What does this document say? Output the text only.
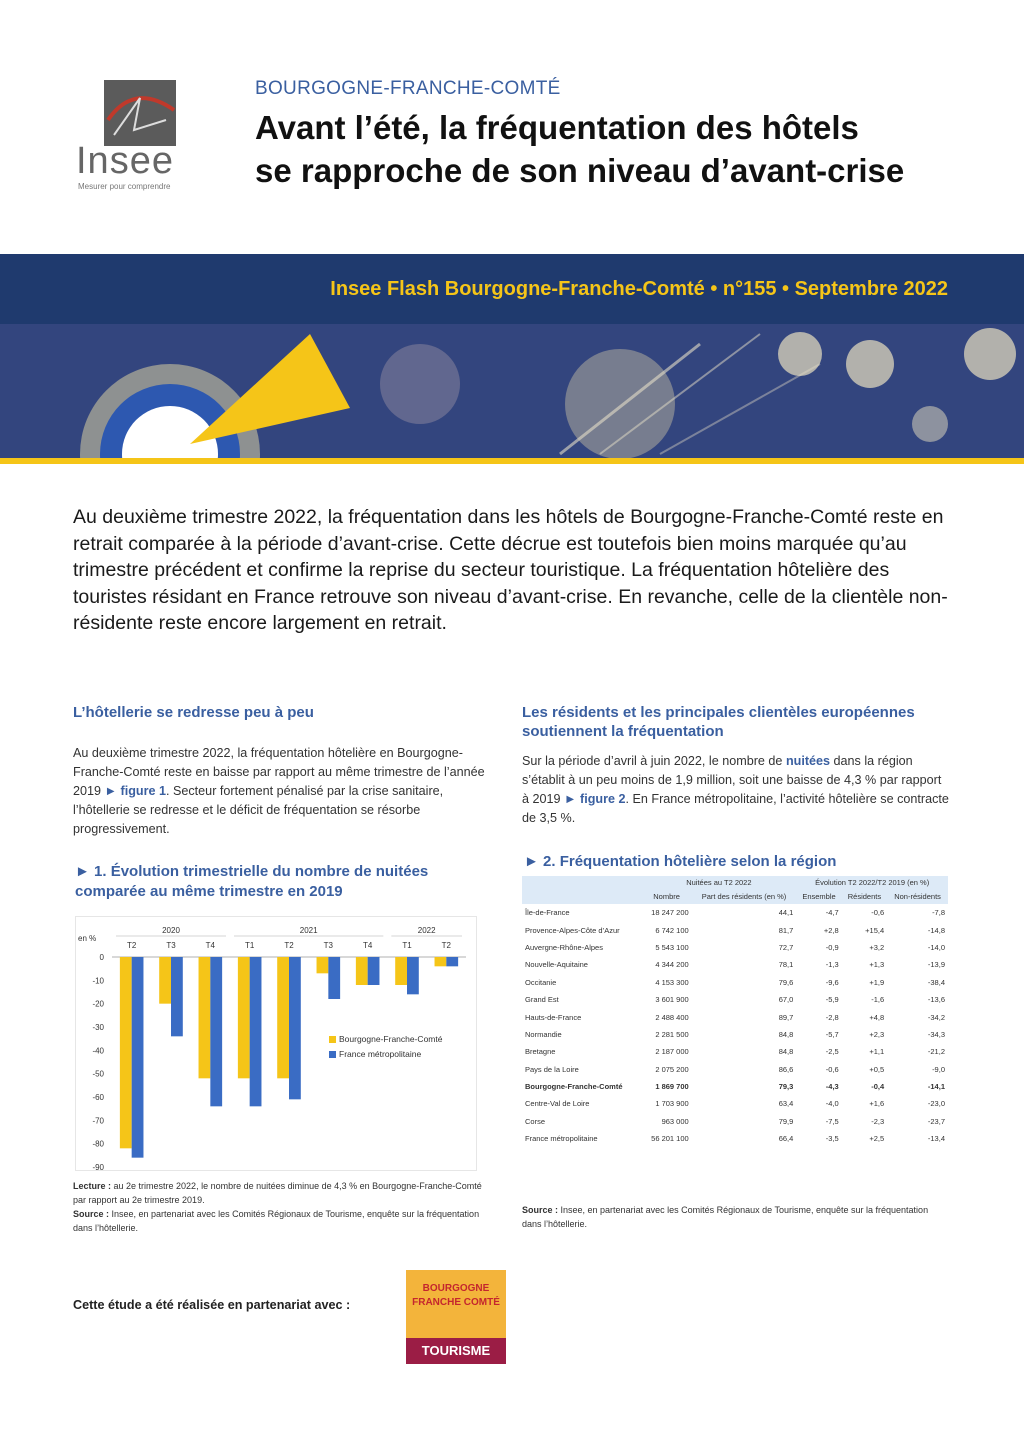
Insee
Mesurer pour comprendre
BOURGOGNE-FRANCHE-COMTÉ
Avant l’été, la fréquentation des hôtels
se rapproche de son niveau d’avant-crise
Insee Flash Bourgogne-Franche-Comté • n°155 • Septembre 2022
Au deuxième trimestre 2022, la fréquentation dans les hôtels de Bourgogne-Franche-Comté reste en retrait comparée à la période d’avant-crise. Cette décrue est toutefois bien moins marquée qu’au trimestre précédent et confirme la reprise du secteur touristique. La fréquentation hôtelière des touristes résidant en France retrouve son niveau d’avant-crise. En revanche, celle de la clientèle non-résidente reste encore largement en retrait.
L’hôtellerie se redresse peu à peu
Au deuxième trimestre 2022, la fréquentation hôtelière en Bourgogne-Franche-Comté reste en baisse par rapport au même trimestre de l’année 2019 ► figure 1. Secteur fortement pénalisé par la crise sanitaire, l’hôtellerie se redresse et le déficit de fréquentation se résorbe progressivement.
► 1. Évolution trimestrielle du nombre de nuitées comparée au même trimestre en 2019
en %
0
-10
-20
-30
-40
-50
-60
-70
-80
-90
2020	2021	2022
T2	T3	T4	T1	T2	T3	T4	T1	T2
Bourgogne-Franche-Comté
France métropolitaine
Lecture : au 2e trimestre 2022, le nombre de nuitées diminue de 4,3 % en Bourgogne-Franche-Comté par rapport au 2e trimestre 2019.
Source : Insee, en partenariat avec les Comités Régionaux de Tourisme, enquête sur la fréquentation dans l’hôtellerie.
Les résidents et les principales clientèles européennes soutiennent la fréquentation
Sur la période d’avril à juin 2022, le nombre de nuitées dans la région s’établit à un peu moins de 1,9 million, soit une baisse de 4,3 % par rapport à 2019 ► figure 2. En France métropolitaine, l’activité hôtelière se contracte de 3,5 %.
► 2. Fréquentation hôtelière selon la région
	Nuitées au T2 2022		Évolution T2 2022/T2 2019 (en %)		
	Nombre	Part des résidents (en %)	Ensemble	Résidents	Non-résidents
Île-de-France	18 247 200	44,1	-4,7	-0,6	-7,8
Provence-Alpes-Côte d’Azur	6 742 100	81,7	+2,8	+15,4	-14,8
Auvergne-Rhône-Alpes	5 543 100	72,7	-0,9	+3,2	-14,0
Nouvelle-Aquitaine	4 344 200	78,1	-1,3	+1,3	-13,9
Occitanie	4 153 300	79,6	-9,6	+1,9	-38,4
Grand Est	3 601 900	67,0	-5,9	-1,6	-13,6
Hauts-de-France	2 488 400	89,7	-2,8	+4,8	-34,2
Normandie	2 281 500	84,8	-5,7	+2,3	-34,3
Bretagne	2 187 000	84,8	-2,5	+1,1	-21,2
Pays de la Loire	2 075 200	86,6	-0,6	+0,5	-9,0
Bourgogne-Franche-Comté	1 869 700	79,3	-4,3	-0,4	-14,1
Centre-Val de Loire	1 703 900	63,4	-4,0	+1,6	-23,0
Corse	963 000	79,9	-7,5	-2,3	-23,7
France métropolitaine	56 201 100	66,4	-3,5	+2,5	-13,4
Source : Insee, en partenariat avec les Comités Régionaux de Tourisme, enquête sur la fréquentation dans l’hôtellerie.
Cette étude a été réalisée en partenariat avec :
BOURGOGNE FRANCHE COMTÉ
TOURISME
